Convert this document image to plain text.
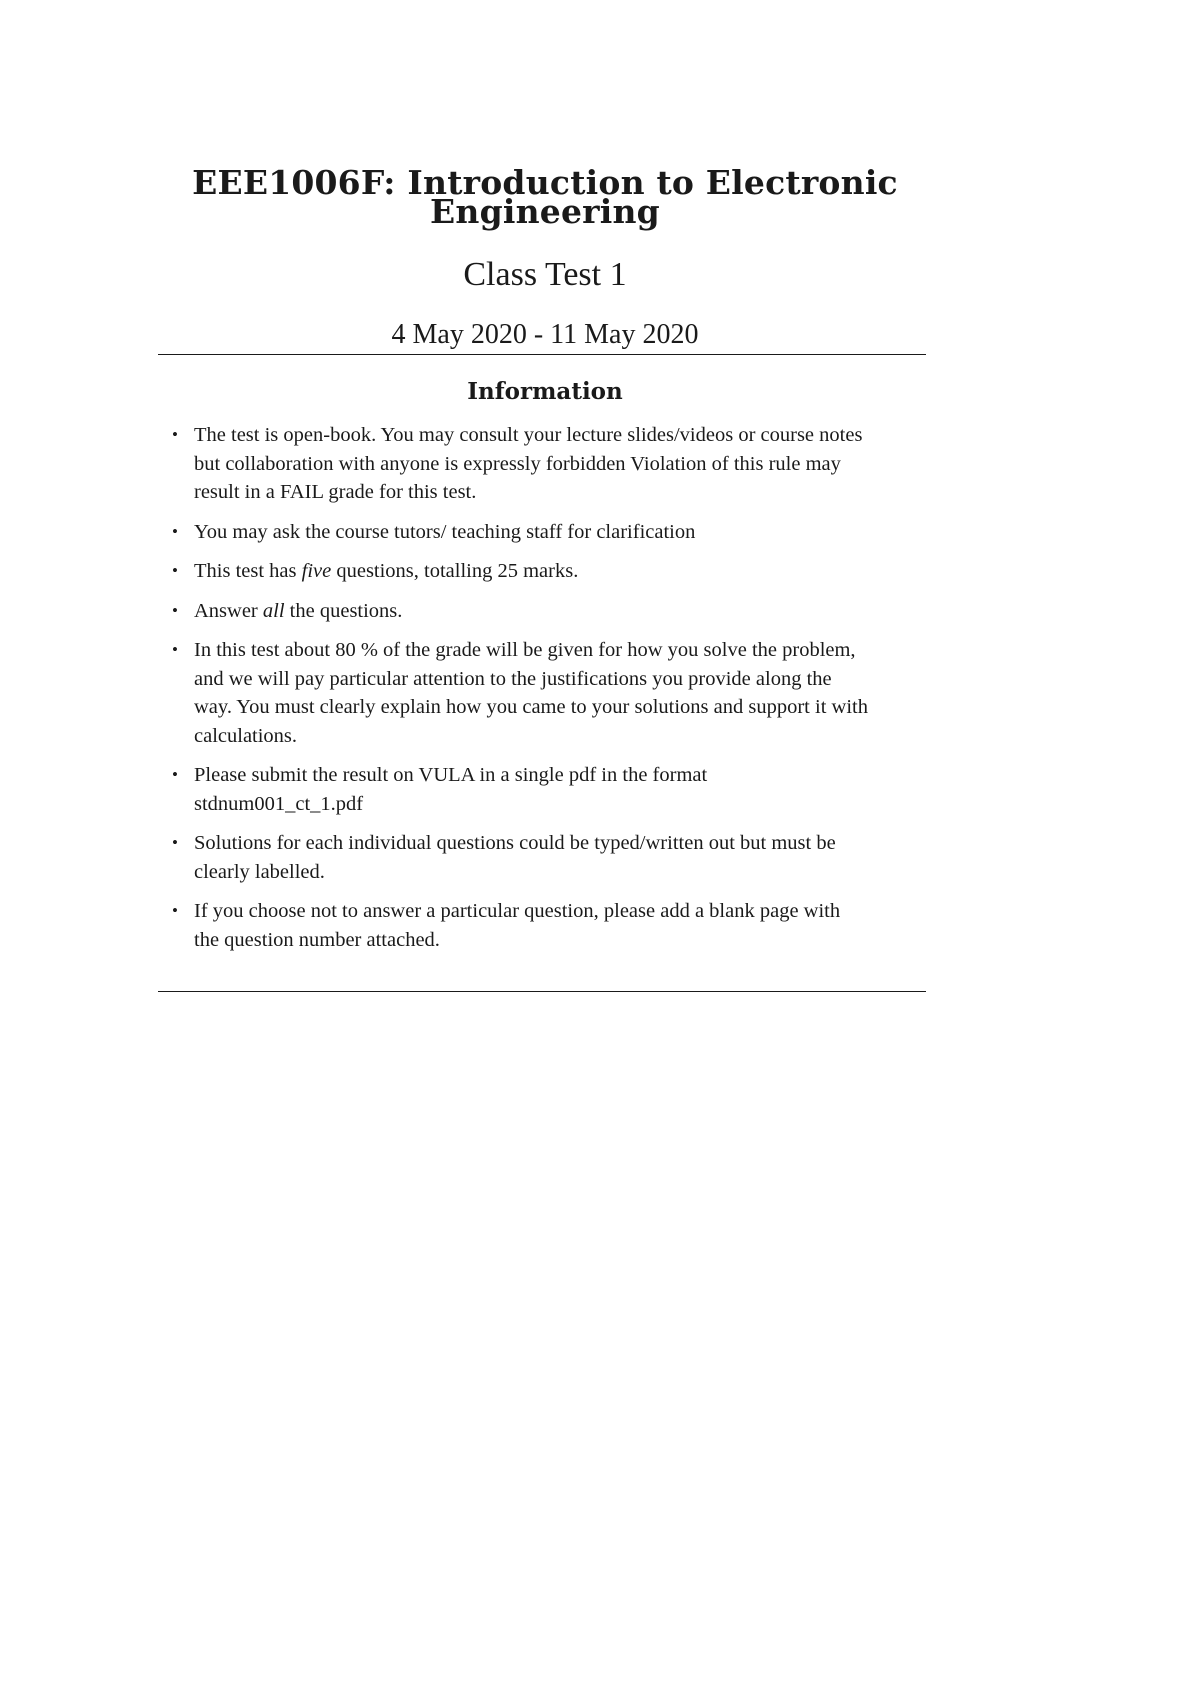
EEE1006F: Introduction to Electronic
Engineering
Class Test 1
4 May 2020 - 11 May 2020
Information
• The test is open-book. You may consult your lecture slides/videos or course notes
but collaboration with anyone is expressly forbidden Violation of this rule may
result in a FAIL grade for this test.
• You may ask the course tutors/ teaching staff for clarification
• This test has five questions, totalling 25 marks.
• Answer all the questions.
• In this test about 80 % of the grade will be given for how you solve the problem,
and we will pay particular attention to the justifications you provide along the
way. You must clearly explain how you came to your solutions and support it with
calculations.
• Please submit the result on VULA in a single pdf in the format
stdnum001_ct_1.pdf
• Solutions for each individual questions could be typed/written out but must be
clearly labelled.
• If you choose not to answer a particular question, please add a blank page with
the question number attached.
